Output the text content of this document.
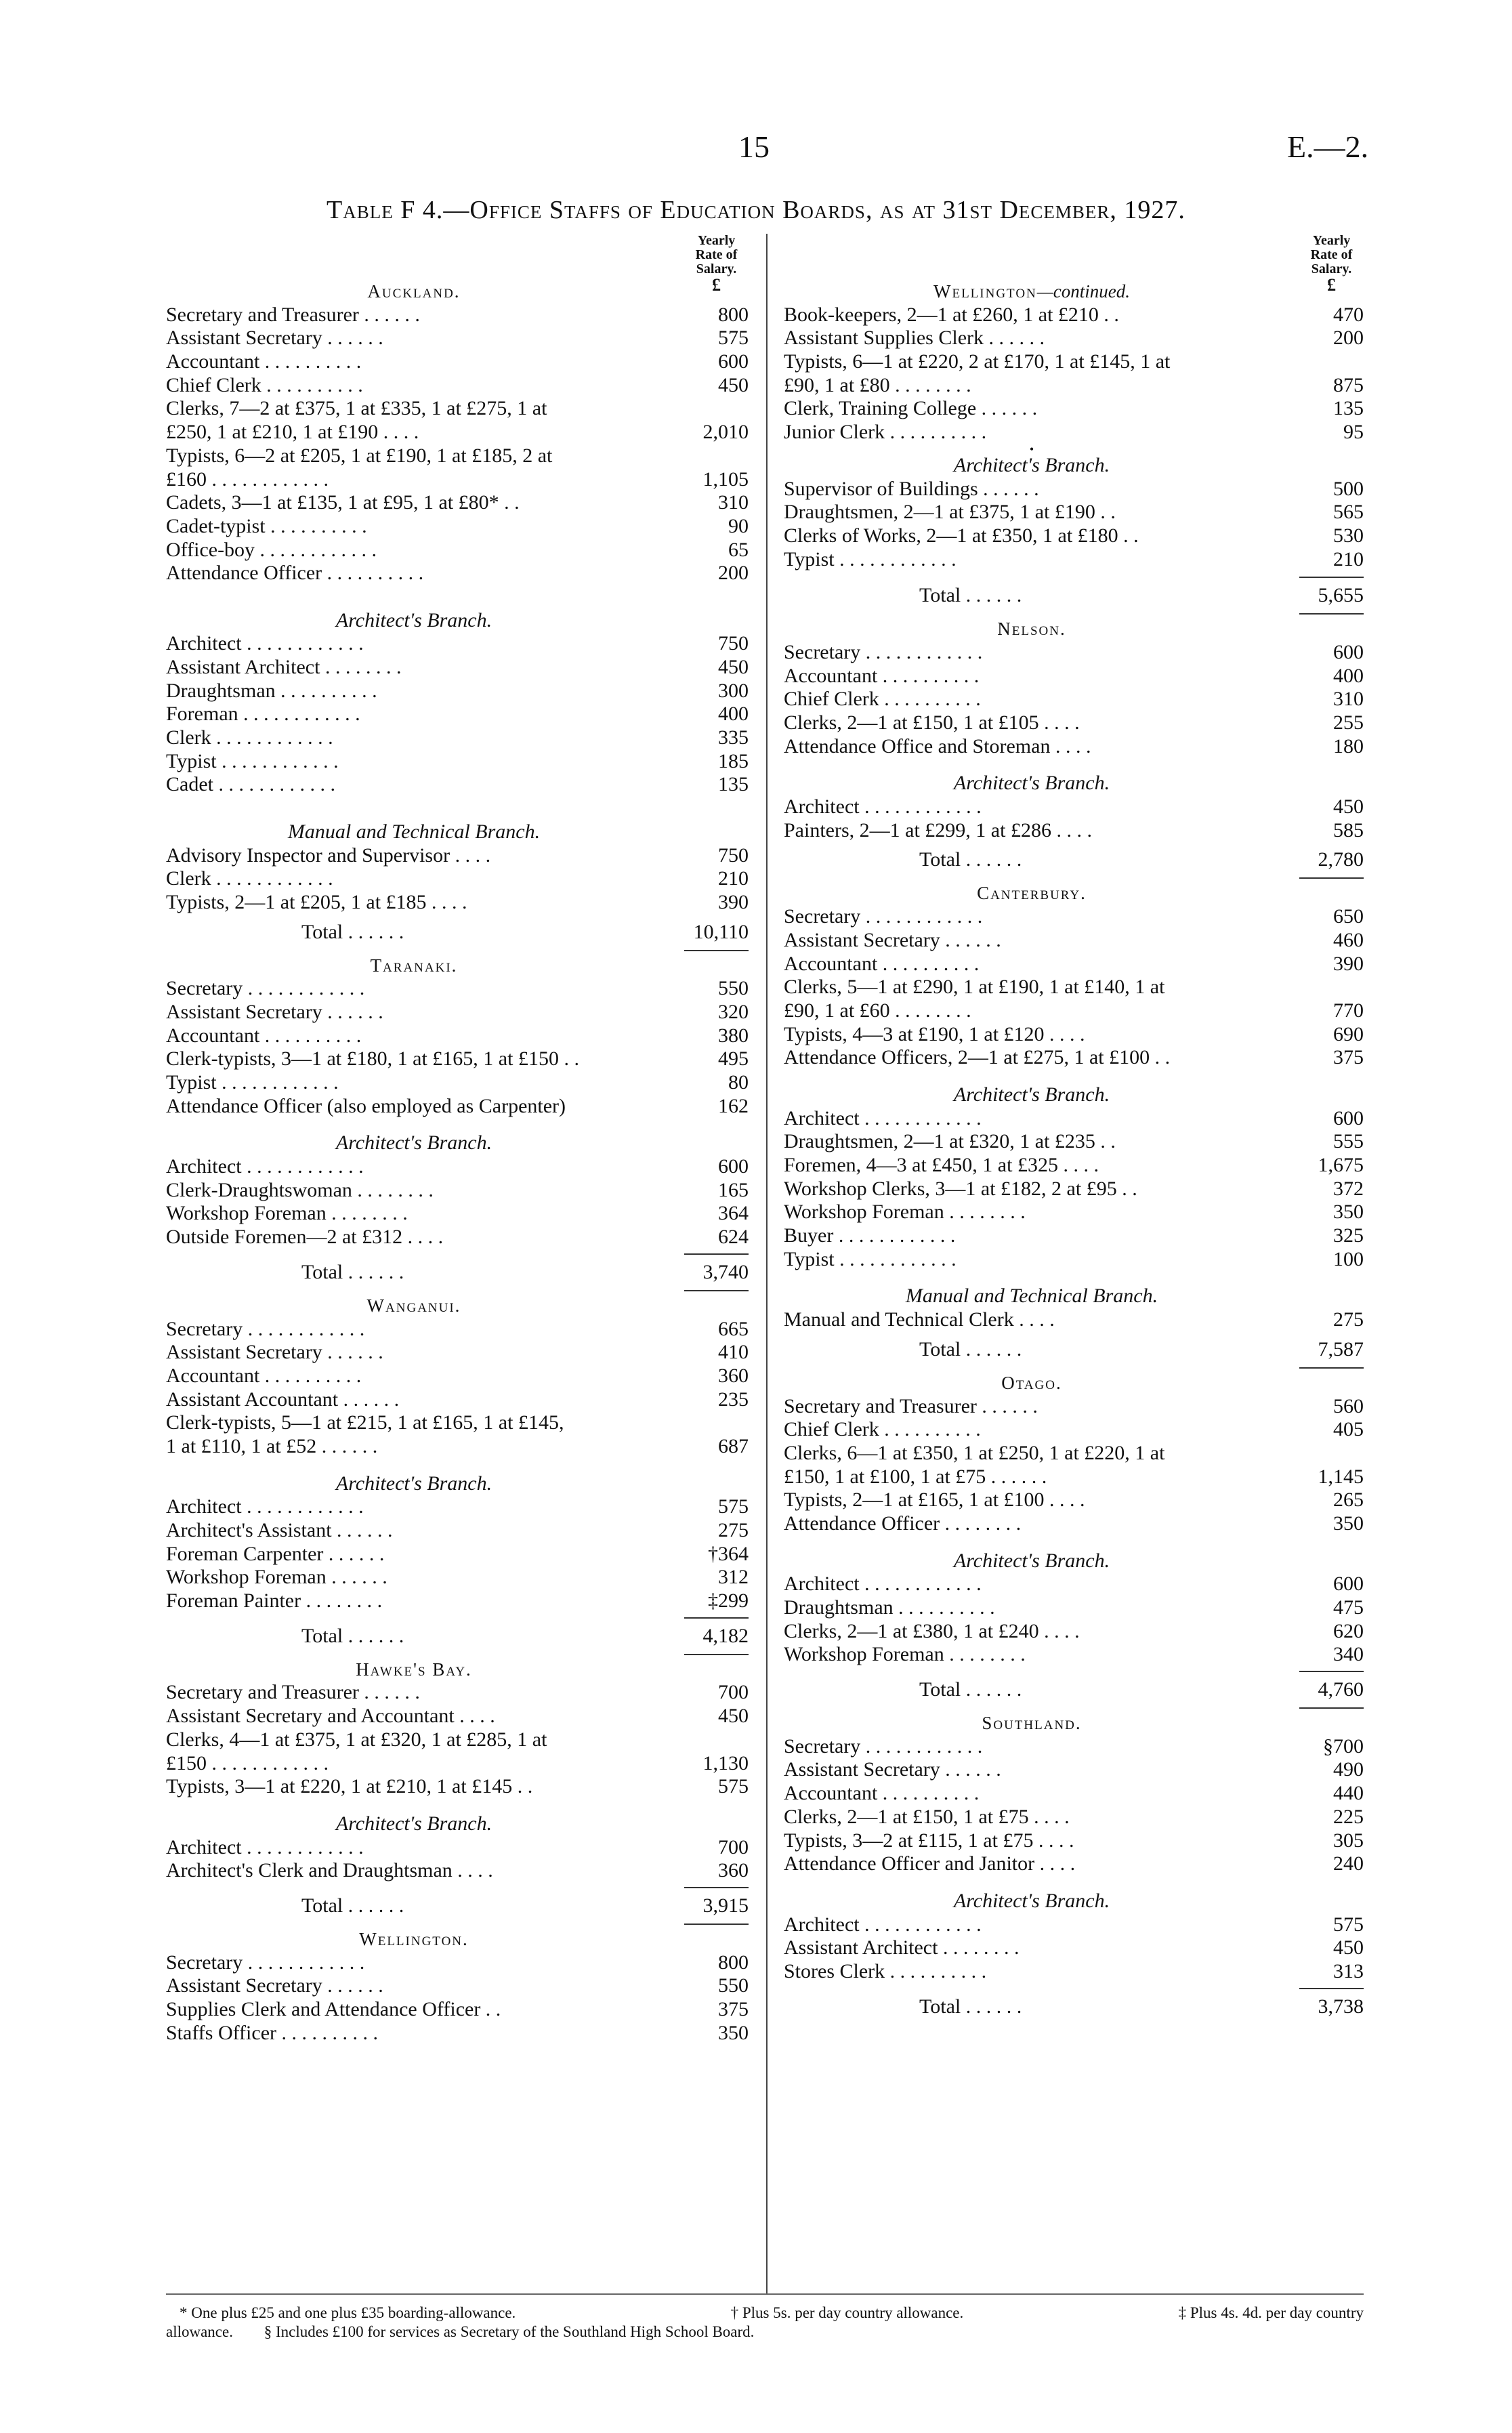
15	E.—2.
Table F 4.—Office Staffs of Education Boards, as at 31st December, 1927.
Yearly
Rate of
Salary.
£
Auckland.
Secretary and Treasurer . . . . . .	800
Assistant Secretary . . . . . .	575
Accountant . . . . . . . . . .	600
Chief Clerk . . . . . . . . . .	450
Clerks, 7—2 at £375, 1 at £335, 1 at £275, 1 at
£250, 1 at £210, 1 at £190 . . . .	2,010
Typists, 6—2 at £205, 1 at £190, 1 at £185, 2 at
£160 . . . . . . . . . . . .	1,105
Cadets, 3—1 at £135, 1 at £95, 1 at £80* . .	310
Cadet-typist . . . . . . . . . .	90
Office-boy . . . . . . . . . . . .	65
Attendance Officer . . . . . . . . . .	200
Architect's Branch.
Architect . . . . . . . . . . . .	750
Assistant Architect . . . . . . . .	450
Draughtsman . . . . . . . . . .	300
Foreman . . . . . . . . . . . .	400
Clerk . . . . . . . . . . . .	335
Typist . . . . . . . . . . . .	185
Cadet . . . . . . . . . . . .	135
Manual and Technical Branch.
Advisory Inspector and Supervisor . . . .	750
Clerk . . . . . . . . . . . .	210
Typists, 2—1 at £205, 1 at £185 . . . .	390
Total . . . . . .	10,110
Taranaki.
Secretary . . . . . . . . . . . .	550
Assistant Secretary . . . . . .	320
Accountant . . . . . . . . . .	380
Clerk-typists, 3—1 at £180, 1 at £165, 1 at £150 . .	495
Typist . . . . . . . . . . . .	80
Attendance Officer (also employed as Carpenter)	162
Architect's Branch.
Architect . . . . . . . . . . . .	600
Clerk-Draughtswoman . . . . . . . .	165
Workshop Foreman . . . . . . . .	364
Outside Foremen—2 at £312 . . . .	624
Total . . . . . .	3,740
Wanganui.
Secretary . . . . . . . . . . . .	665
Assistant Secretary . . . . . .	410
Accountant . . . . . . . . . .	360
Assistant Accountant . . . . . .	235
Clerk-typists, 5—1 at £215, 1 at £165, 1 at £145,
1 at £110, 1 at £52 . . . . . .	687
Architect's Branch.
Architect . . . . . . . . . . . .	575
Architect's Assistant . . . . . .	275
Foreman Carpenter . . . . . .	†364
Workshop Foreman . . . . . .	312
Foreman Painter . . . . . . . .	‡299
Total . . . . . .	4,182
Hawke's Bay.
Secretary and Treasurer . . . . . .	700
Assistant Secretary and Accountant . . . .	450
Clerks, 4—1 at £375, 1 at £320, 1 at £285, 1 at
£150 . . . . . . . . . . . .	1,130
Typists, 3—1 at £220, 1 at £210, 1 at £145 . .	575
Architect's Branch.
Architect . . . . . . . . . . . .	700
Architect's Clerk and Draughtsman . . . .	360
Total . . . . . .	3,915
Wellington.
Secretary . . . . . . . . . . . .	800
Assistant Secretary . . . . . .	550
Supplies Clerk and Attendance Officer . .	375
Staffs Officer . . . . . . . . . .	350
Yearly
Rate of
Salary.
£
Wellington—continued.
Book-keepers, 2—1 at £260, 1 at £210 . .	470
Assistant Supplies Clerk . . . . . .	200
Typists, 6—1 at £220, 2 at £170, 1 at £145, 1 at
£90, 1 at £80 . . . . . . . .	875
Clerk, Training College . . . . . .	135
Junior Clerk . . . . . . . . . .	95
•
Architect's Branch.
Supervisor of Buildings . . . . . .	500
Draughtsmen, 2—1 at £375, 1 at £190 . .	565
Clerks of Works, 2—1 at £350, 1 at £180 . .	530
Typist . . . . . . . . . . . .	210
Total . . . . . .	5,655
Nelson.
Secretary . . . . . . . . . . . .	600
Accountant . . . . . . . . . .	400
Chief Clerk . . . . . . . . . .	310
Clerks, 2—1 at £150, 1 at £105 . . . .	255
Attendance Office and Storeman . . . .	180
Architect's Branch.
Architect . . . . . . . . . . . .	450
Painters, 2—1 at £299, 1 at £286 . . . .	585
Total . . . . . .	2,780
Canterbury.
Secretary . . . . . . . . . . . .	650
Assistant Secretary . . . . . .	460
Accountant . . . . . . . . . .	390
Clerks, 5—1 at £290, 1 at £190, 1 at £140, 1 at
£90, 1 at £60 . . . . . . . .	770
Typists, 4—3 at £190, 1 at £120 . . . .	690
Attendance Officers, 2—1 at £275, 1 at £100 . .	375
Architect's Branch.
Architect . . . . . . . . . . . .	600
Draughtsmen, 2—1 at £320, 1 at £235 . .	555
Foremen, 4—3 at £450, 1 at £325 . . . .	1,675
Workshop Clerks, 3—1 at £182, 2 at £95 . .	372
Workshop Foreman . . . . . . . .	350
Buyer . . . . . . . . . . . .	325
Typist . . . . . . . . . . . .	100
Manual and Technical Branch.
Manual and Technical Clerk . . . .	275
Total . . . . . .	7,587
Otago.
Secretary and Treasurer . . . . . .	560
Chief Clerk . . . . . . . . . .	405
Clerks, 6—1 at £350, 1 at £250, 1 at £220, 1 at
£150, 1 at £100, 1 at £75 . . . . . .	1,145
Typists, 2—1 at £165, 1 at £100 . . . .	265
Attendance Officer . . . . . . . .	350
Architect's Branch.
Architect . . . . . . . . . . . .	600
Draughtsman . . . . . . . . . .	475
Clerks, 2—1 at £380, 1 at £240 . . . .	620
Workshop Foreman . . . . . . . .	340
Total . . . . . .	4,760
Southland.
Secretary . . . . . . . . . . . .	§700
Assistant Secretary . . . . . .	490
Accountant . . . . . . . . . .	440
Clerks, 2—1 at £150, 1 at £75 . . . .	225
Typists, 3—2 at £115, 1 at £75 . . . .	305
Attendance Officer and Janitor . . . .	240
Architect's Branch.
Architect . . . . . . . . . . . .	575
Assistant Architect . . . . . . . .	450
Stores Clerk . . . . . . . . . .	313
Total . . . . . .	3,738
* One plus £25 and one plus £35 boarding-allowance.	† Plus 5s. per day country allowance.	‡ Plus 4s. 4d. per day country
allowance. § Includes £100 for services as Secretary of the Southland High School Board.
